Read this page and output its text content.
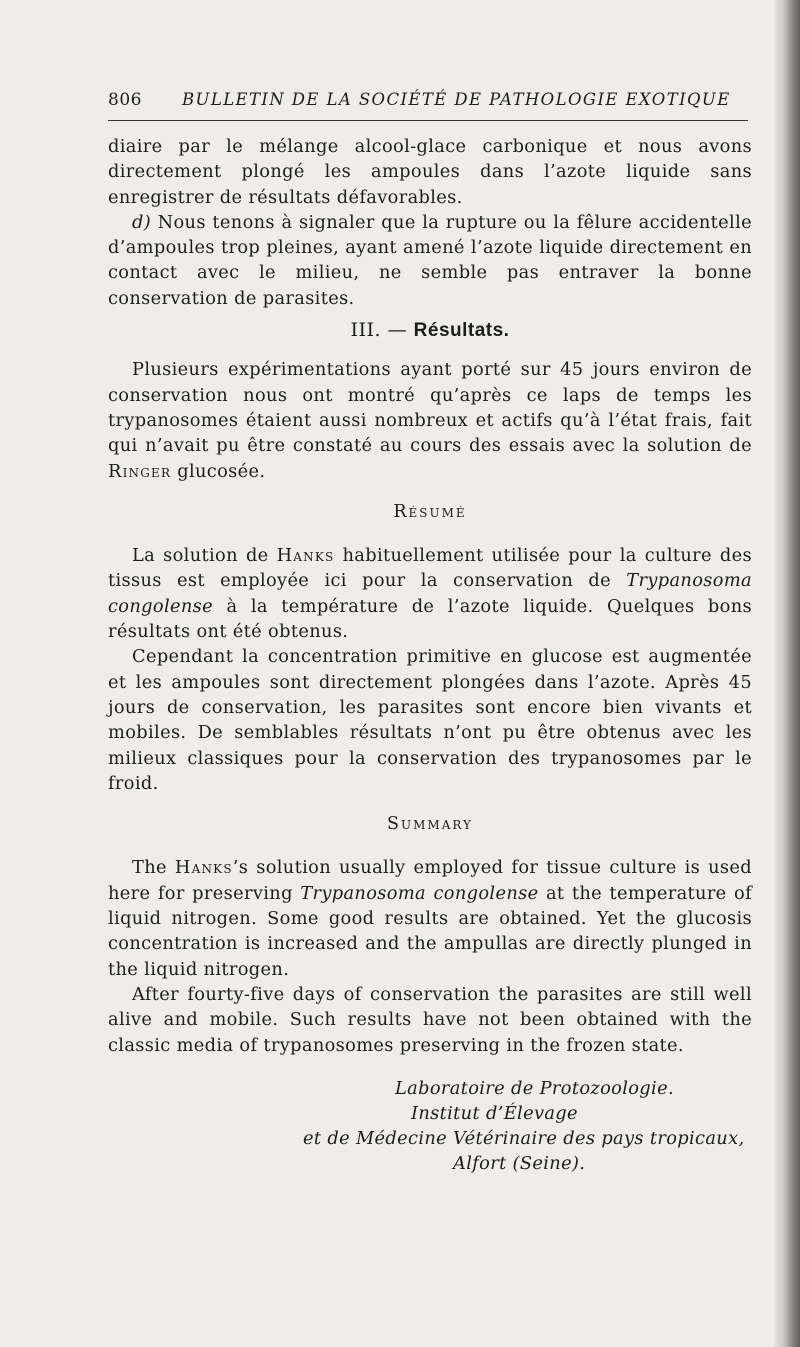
806 BULLETIN DE LA SOCIÉTÉ DE PATHOLOGIE EXOTIQUE

diaire par le mélange alcool-glace carbonique et nous avons directement plongé les ampoules dans l’azote liquide sans enregistrer de résultats défavorables.

d) Nous tenons à signaler que la rupture ou la fêlure accidentelle d’ampoules trop pleines, ayant amené l’azote liquide directement en contact avec le milieu, ne semble pas entraver la bonne conservation de parasites.

III. — Résultats.

Plusieurs expérimentations ayant porté sur 45 jours environ de conservation nous ont montré qu’après ce laps de temps les trypanosomes étaient aussi nombreux et actifs qu’à l’état frais, fait qui n’avait pu être constaté au cours des essais avec la solution de Ringer glucosée.

Résumé

La solution de Hanks habituellement utilisée pour la culture des tissus est employée ici pour la conservation de Trypanosoma congolense à la température de l’azote liquide. Quelques bons résultats ont été obtenus.

Cependant la concentration primitive en glucose est augmentée et les ampoules sont directement plongées dans l’azote. Après 45 jours de conservation, les parasites sont encore bien vivants et mobiles. De semblables résultats n’ont pu être obtenus avec les milieux classiques pour la conservation des trypanosomes par le froid.

Summary

The Hanks’s solution usually employed for tissue culture is used here for preserving Trypanosoma congolense at the temperature of liquid nitrogen. Some good results are obtained. Yet the glucosis concentration is increased and the ampullas are directly plunged in the liquid nitrogen.

After fourty-five days of conservation the parasites are still well alive and mobile. Such results have not been obtained with the classic media of trypanosomes preserving in the frozen state.

Laboratoire de Protozoologie.
Institut d’Élevage
et de Médecine Vétérinaire des pays tropicaux,
Alfort (Seine).
